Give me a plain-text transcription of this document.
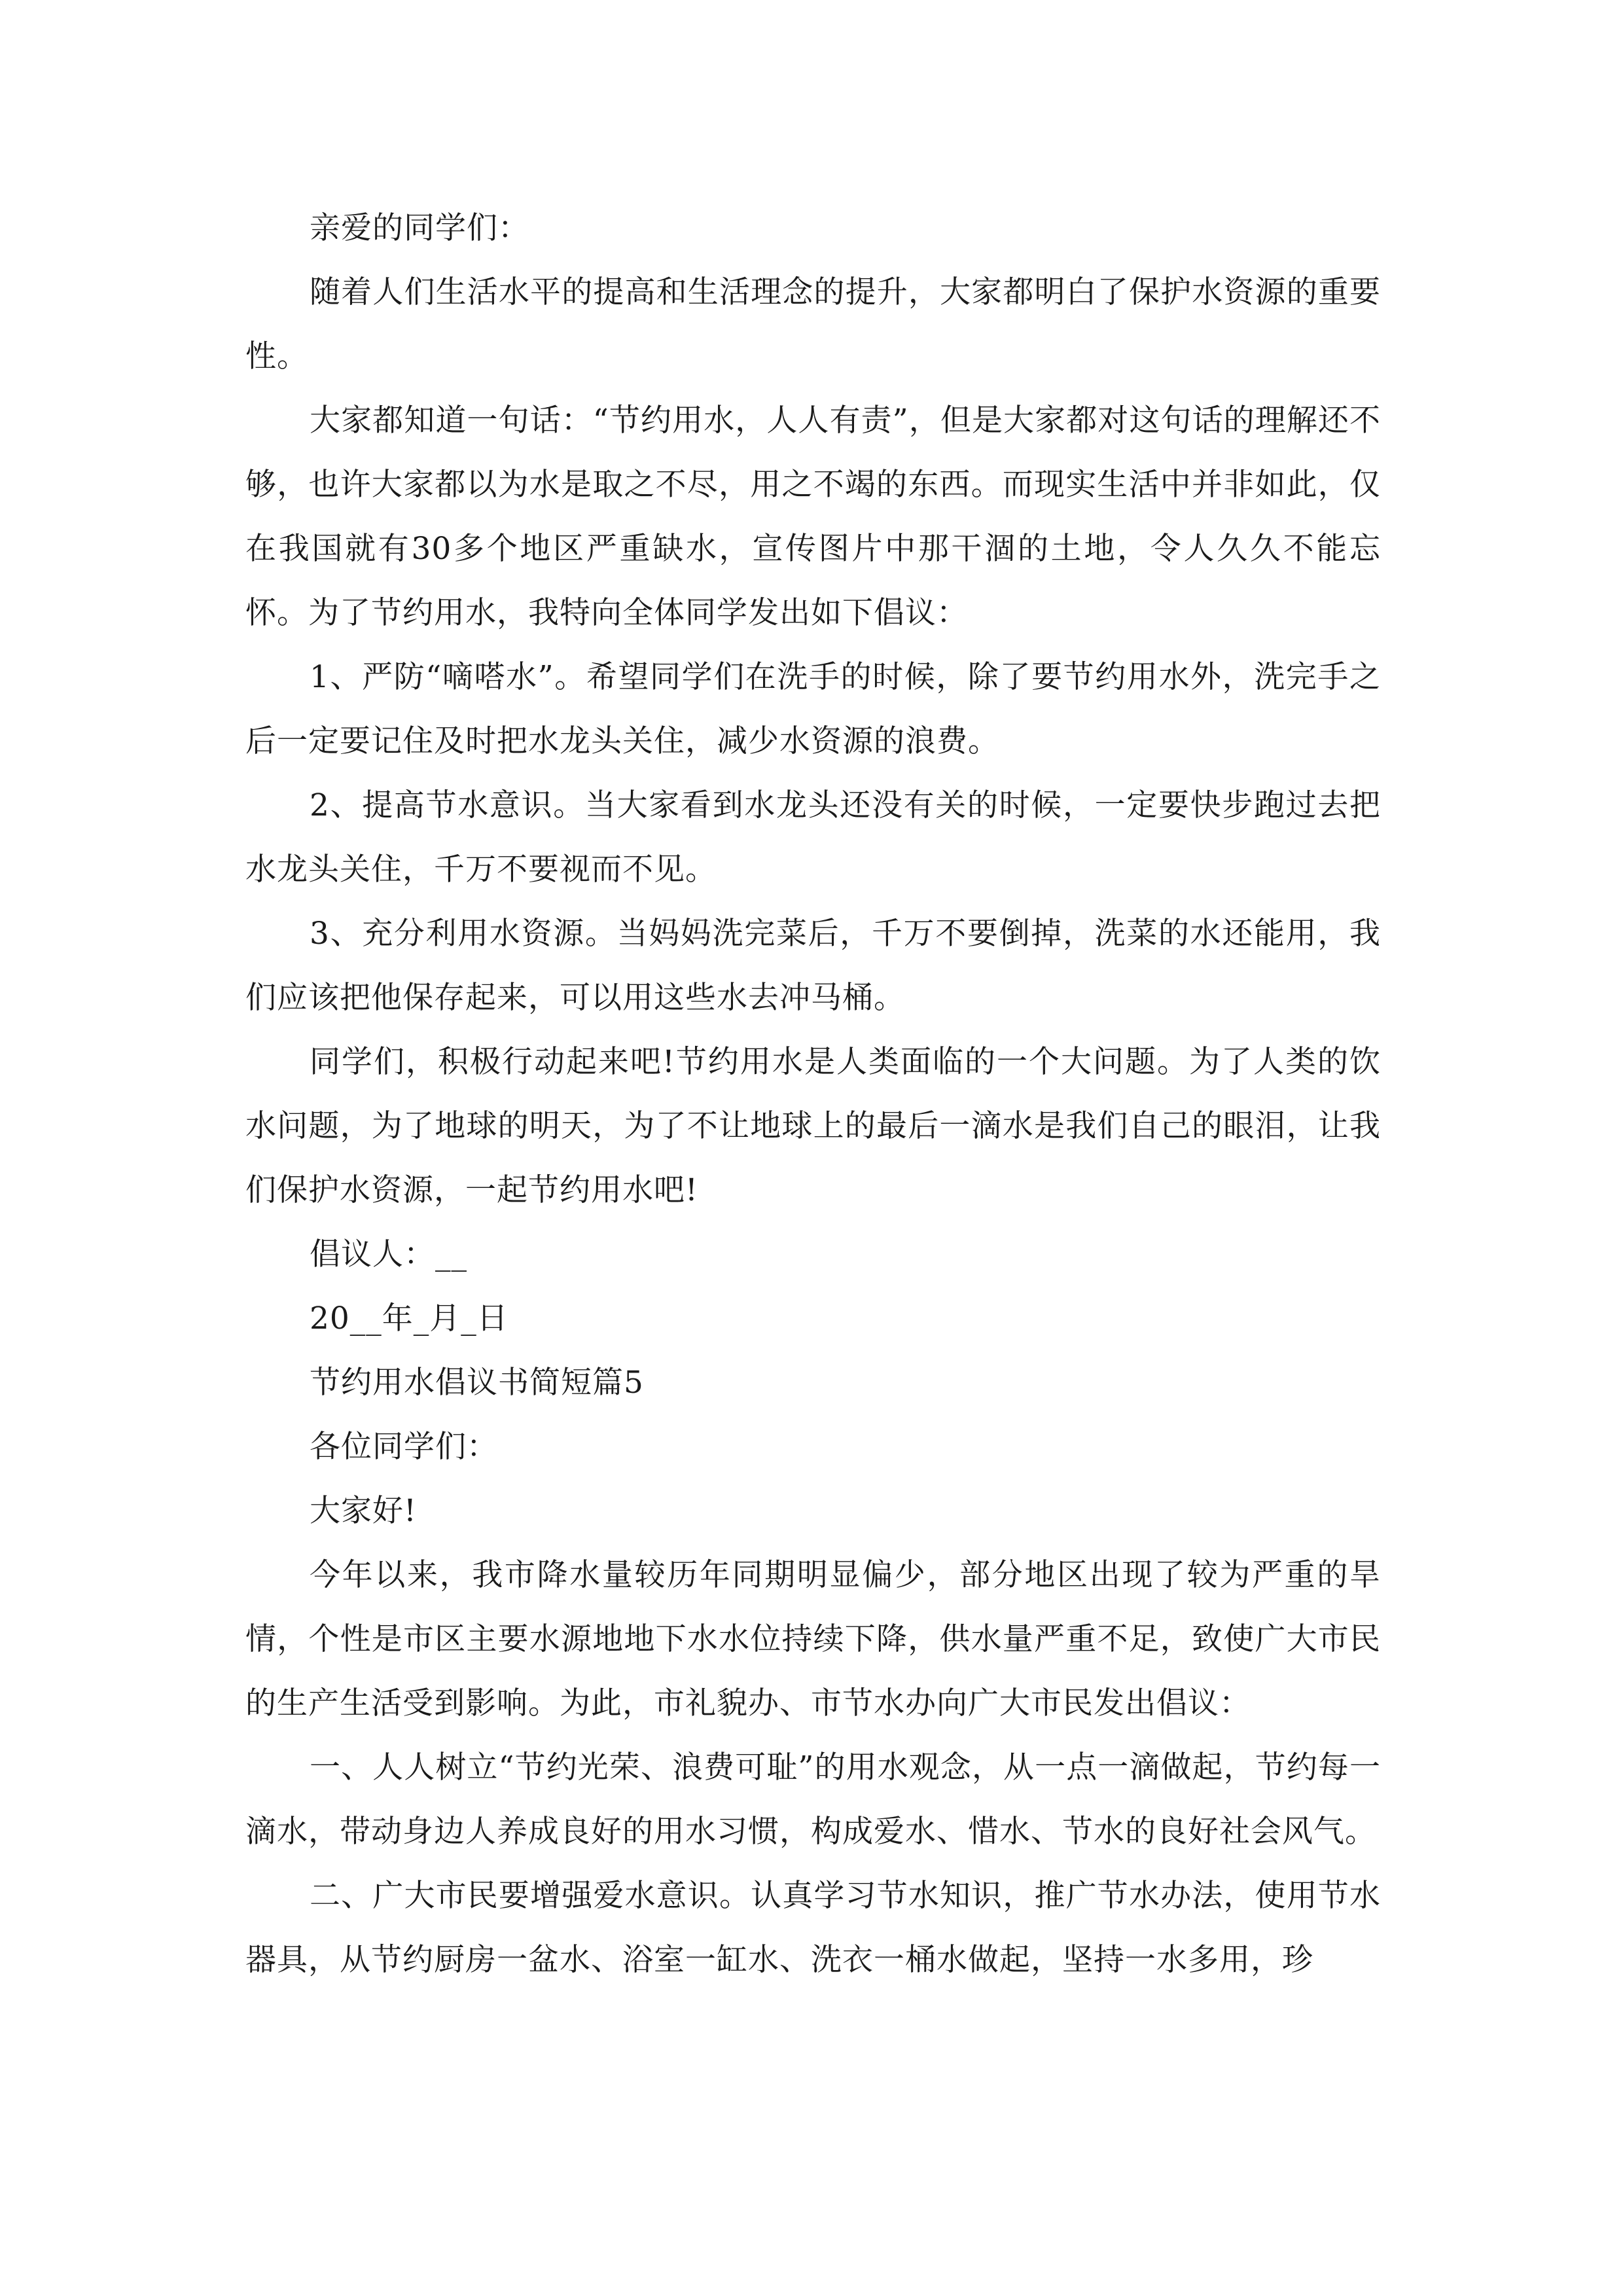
亲爱的同学们：

随着人们生活水平的提高和生活理念的提升，大家都明白了保护水资源的重要性。

大家都知道一句话：“节约用水，人人有责”，但是大家都对这句话的理解还不够，也许大家都以为水是取之不尽，用之不竭的东西。而现实生活中并非如此，仅在我国就有30多个地区严重缺水，宣传图片中那干涸的土地，令人久久不能忘怀。为了节约用水，我特向全体同学发出如下倡议：

1、严防“嘀嗒水”。希望同学们在洗手的时候，除了要节约用水外，洗完手之后一定要记住及时把水龙头关住，减少水资源的浪费。

2、提高节水意识。当大家看到水龙头还没有关的时候，一定要快步跑过去把水龙头关住，千万不要视而不见。

3、充分利用水资源。当妈妈洗完菜后，千万不要倒掉，洗菜的水还能用，我们应该把他保存起来，可以用这些水去冲马桶。

同学们，积极行动起来吧!节约用水是人类面临的一个大问题。为了人类的饮水问题，为了地球的明天，为了不让地球上的最后一滴水是我们自己的眼泪，让我们保护水资源，一起节约用水吧!

倡议人：__

20__年_月_日

节约用水倡议书简短篇5

各位同学们：

大家好!

今年以来，我市降水量较历年同期明显偏少，部分地区出现了较为严重的旱情，个性是市区主要水源地地下水水位持续下降，供水量严重不足，致使广大市民的生产生活受到影响。为此，市礼貌办、市节水办向广大市民发出倡议：

一、人人树立“节约光荣、浪费可耻”的用水观念，从一点一滴做起，节约每一滴水，带动身边人养成良好的用水习惯，构成爱水、惜水、节水的良好社会风气。

二、广大市民要增强爱水意识。认真学习节水知识，推广节水办法，使用节水器具，从节约厨房一盆水、浴室一缸水、洗衣一桶水做起，坚持一水多用，珍
